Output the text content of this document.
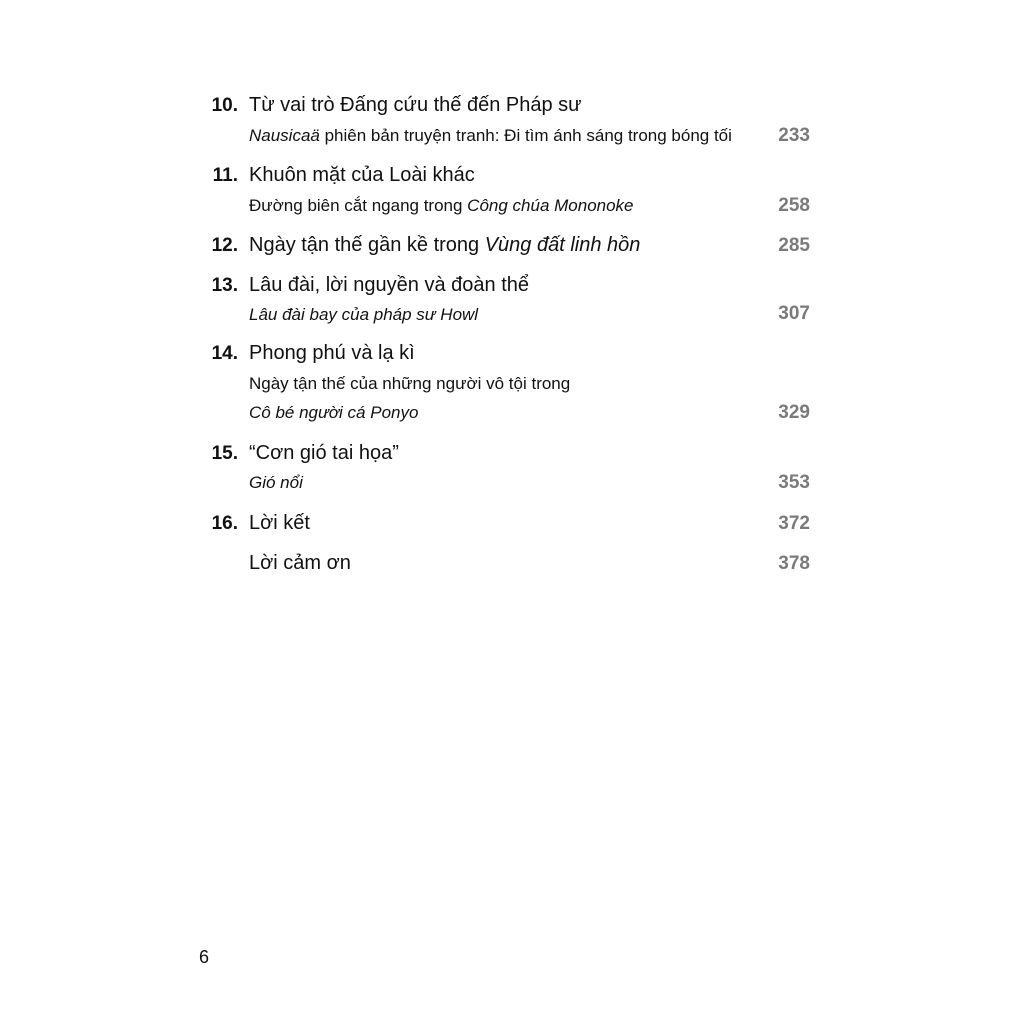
10. Từ vai trò Đấng cứu thế đến Pháp sư
Nausicaä phiên bản truyện tranh: Đi tìm ánh sáng trong bóng tối	233
11. Khuôn mặt của Loài khác
Đường biên cắt ngang trong Công chúa Mononoke	258
12. Ngày tận thế gần kề trong Vùng đất linh hồn	285
13. Lâu đài, lời nguyền và đoàn thể
Lâu đài bay của pháp sư Howl	307
14. Phong phú và lạ kì
Ngày tận thế của những người vô tội trong
Cô bé người cá Ponyo	329
15. “Cơn gió tai họa”
Gió nổi	353
16. Lời kết	372
Lời cảm ơn	378
6
